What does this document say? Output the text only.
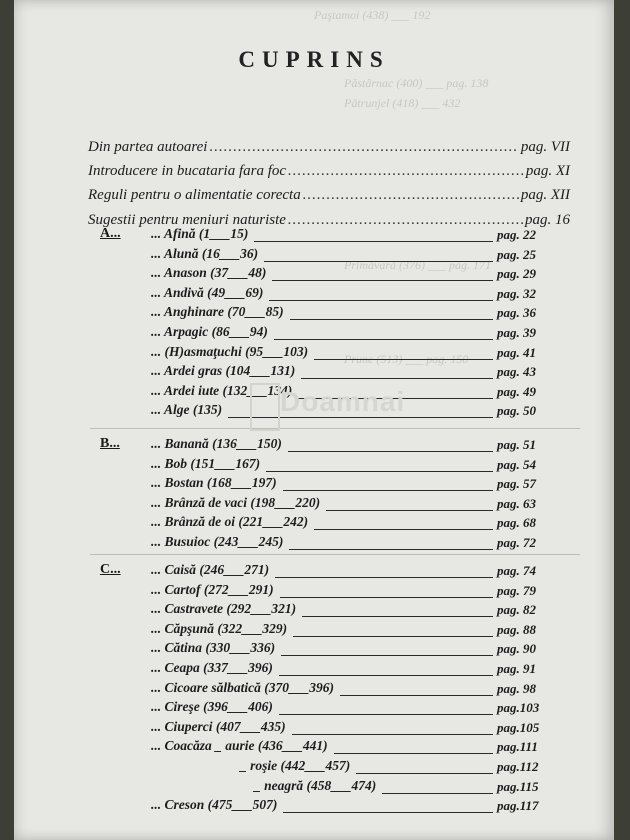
Paştamoi (438) ___ 192
Păstârnac (400) ___ pag. 138
Pătrunjel (418) ___ 432
Primăvară (376) ___ pag. 171
Prune (513) ___ pag. 150
CUPRINS
Din partea autoarei .....	pag. VII
Introducere in bucataria fara foc .....	pag. XI
Reguli pentru o alimentatie corecta .....	pag. XII
Sugestii pentru meniuri naturiste .....	pag. 16
A... ... Afină (1___15)	pag. 22
... Alună (16___36)	pag. 25
... Anason (37___48)	pag. 29
... Andivă (49___69)	pag. 32
... Anghinare (70___85)	pag. 36
... Arpagic (86___94)	pag. 39
... (H)asmaţuchi (95___103)	pag. 41
... Ardei gras (104___131)	pag. 43
... Ardei iute (132___134)	pag. 49
... Alge (135)	pag. 50
B... ... Banană (136___150)	pag. 51
... Bob (151___167)	pag. 54
... Bostan (168___197)	pag. 57
... Brânză de vaci (198___220)	pag. 63
... Brânză de oi (221___242)	pag. 68
... Busuioc (243___245)	pag. 72
C... ... Caisă (246___271)	pag. 74
... Cartof (272___291)	pag. 79
... Castravete (292___321)	pag. 82
... Căpşună (322___329)	pag. 88
... Cătina (330___336)	pag. 90
... Ceapa (337___396)	pag. 91
... Cicoare sălbatică (370___396)	pag. 98
... Cireşe (396___406)	pag.103
... Ciuperci (407___435)	pag.105
... Coacăza _ aurie (436___441)	pag.111
_ roşie (442___457)	pag.112
_ neagră (458___474)	pag.115
... Creson (475___507)	pag.117
Doamnai
